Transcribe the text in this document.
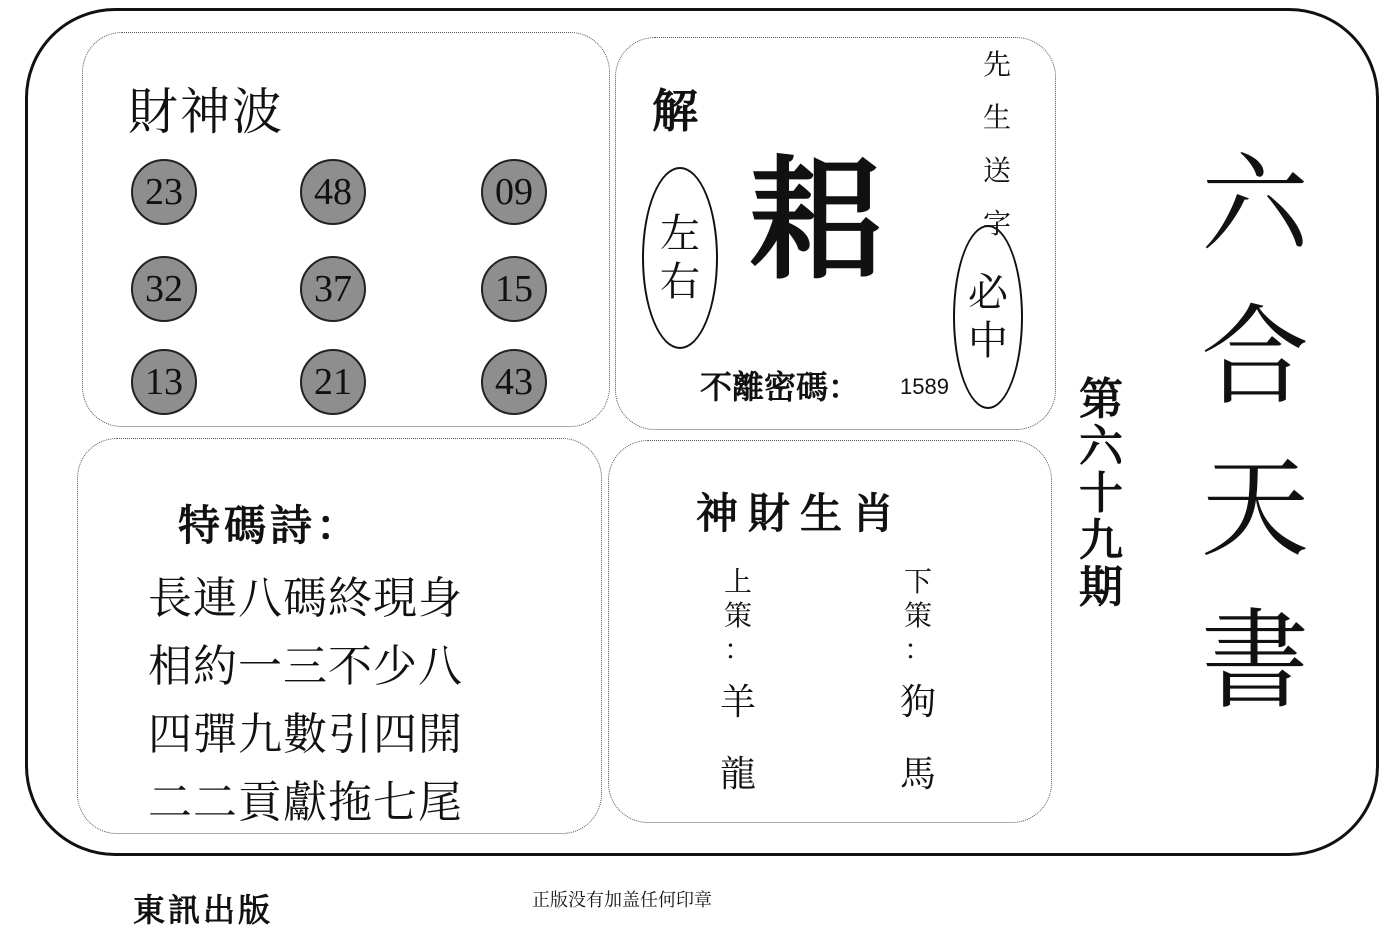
財神波
23	48	09
32	37	15
13	21	43
解
左
右 耜
先
生
送
字
必
中
不離密碼： 1589
特碼詩：
長連八碼終現身
相約一三不少八
四彈九數引四開
二二貢獻拖七尾
神財生肖
上
策
：
羊
龍
下
策
：
狗
馬
第
六
十
九
期
六
合
天
書
東訊出版	正版没有加盖任何印章
